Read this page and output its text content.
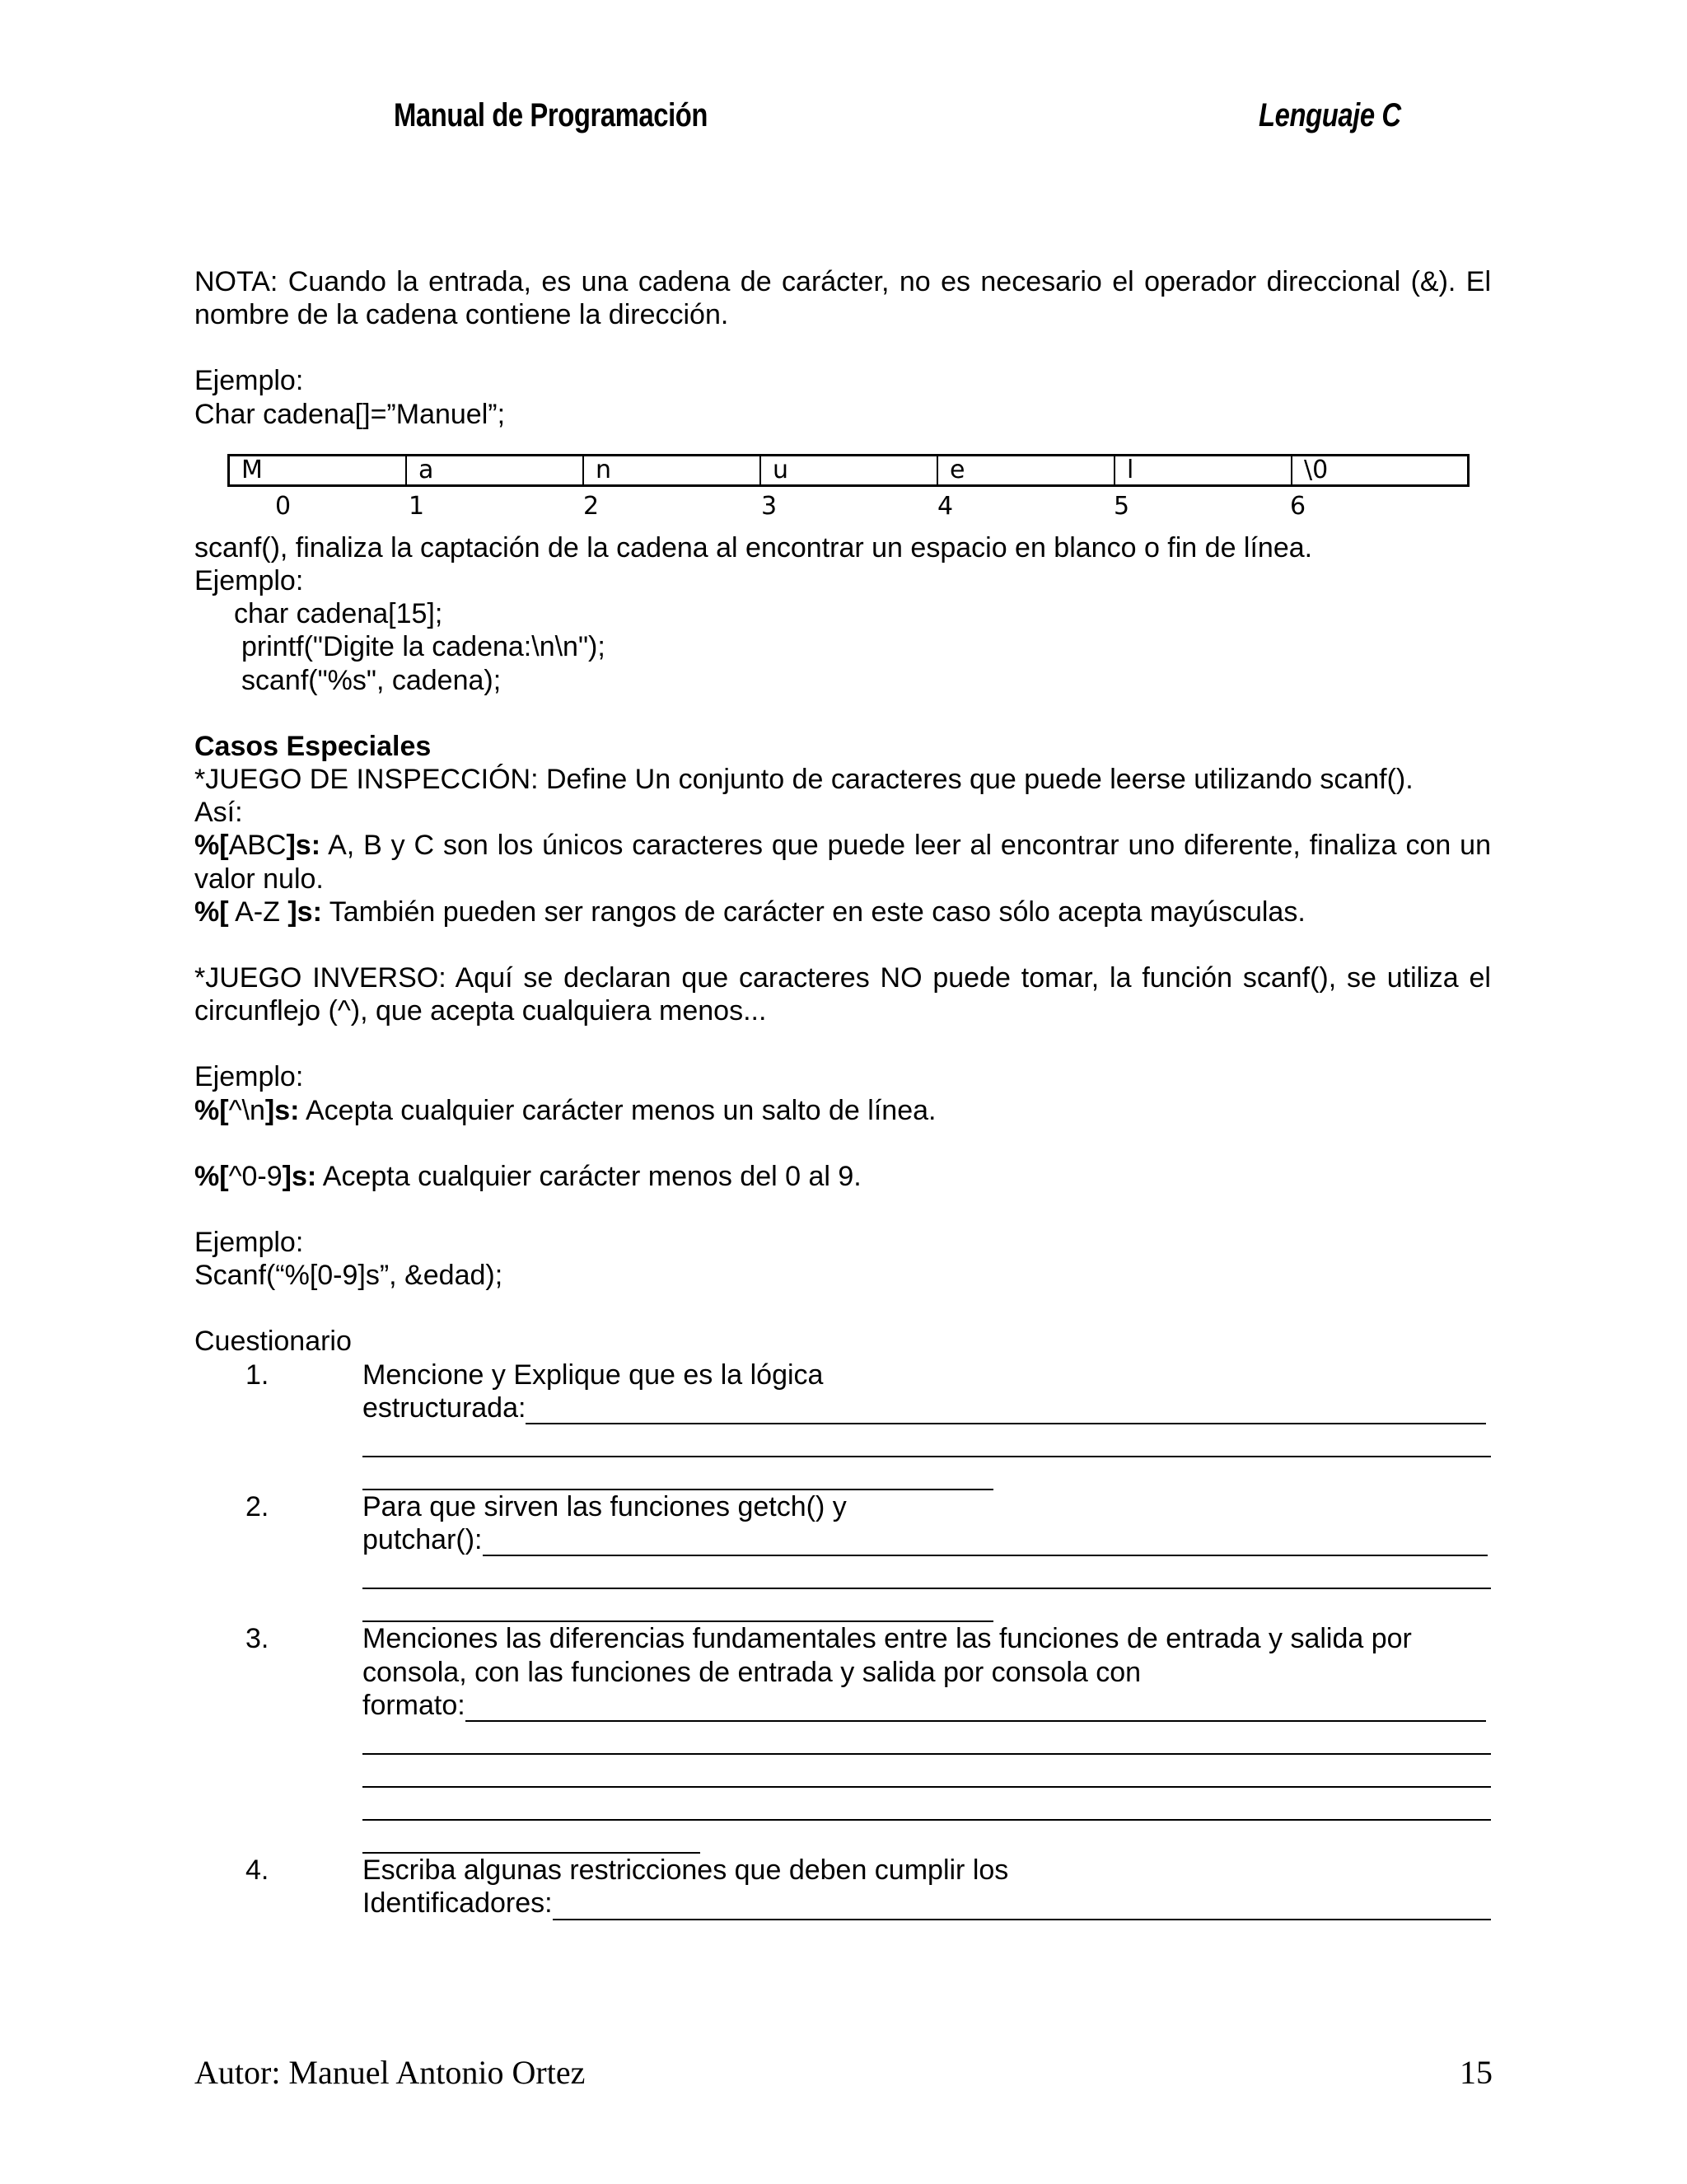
Manual de Programación	Lenguaje C

NOTA: Cuando la entrada, es una cadena de carácter, no es necesario el operador direccional (&). El nombre de la cadena contiene la dirección.

Ejemplo:

Char cadena[]=”Manuel”;

M	a	n	u	e	l	\0
0	1	2	3	4	5	6

scanf(), finaliza la captación de la cadena al encontrar un espacio en blanco o fin de línea.

Ejemplo:

char cadena[15];

printf("Digite la cadena:\n\n");

scanf("%s", cadena);

Casos Especiales

*JUEGO DE INSPECCIÓN: Define Un conjunto de caracteres que puede leerse utilizando scanf().

Así:

%[ABC]s: A, B y C son los únicos caracteres que puede leer al encontrar uno diferente, finaliza con un valor nulo.

%[ A-Z ]s: También pueden ser rangos de carácter en este caso sólo acepta mayúsculas.

*JUEGO INVERSO: Aquí se declaran que caracteres NO puede tomar, la función scanf(), se utiliza el circunflejo (^), que acepta cualquiera menos...

Ejemplo:

%[^\n]s: Acepta cualquier carácter menos un salto de línea.

%[^0-9]s: Acepta cualquier carácter menos del 0 al 9.

Ejemplo:

Scanf(“%[0-9]s”, &edad);

Cuestionario

1.	Mencione y Explique que es la lógica
estructurada:
2.	Para que sirven las funciones getch() y
putchar():
3.	Menciones las diferencias fundamentales entre las funciones de entrada y salida por
consola, con las funciones de entrada y salida por consola con
formato:
4.	Escriba algunas restricciones que deben cumplir los
Identificadores:
Autor: Manuel Antonio Ortez	15
